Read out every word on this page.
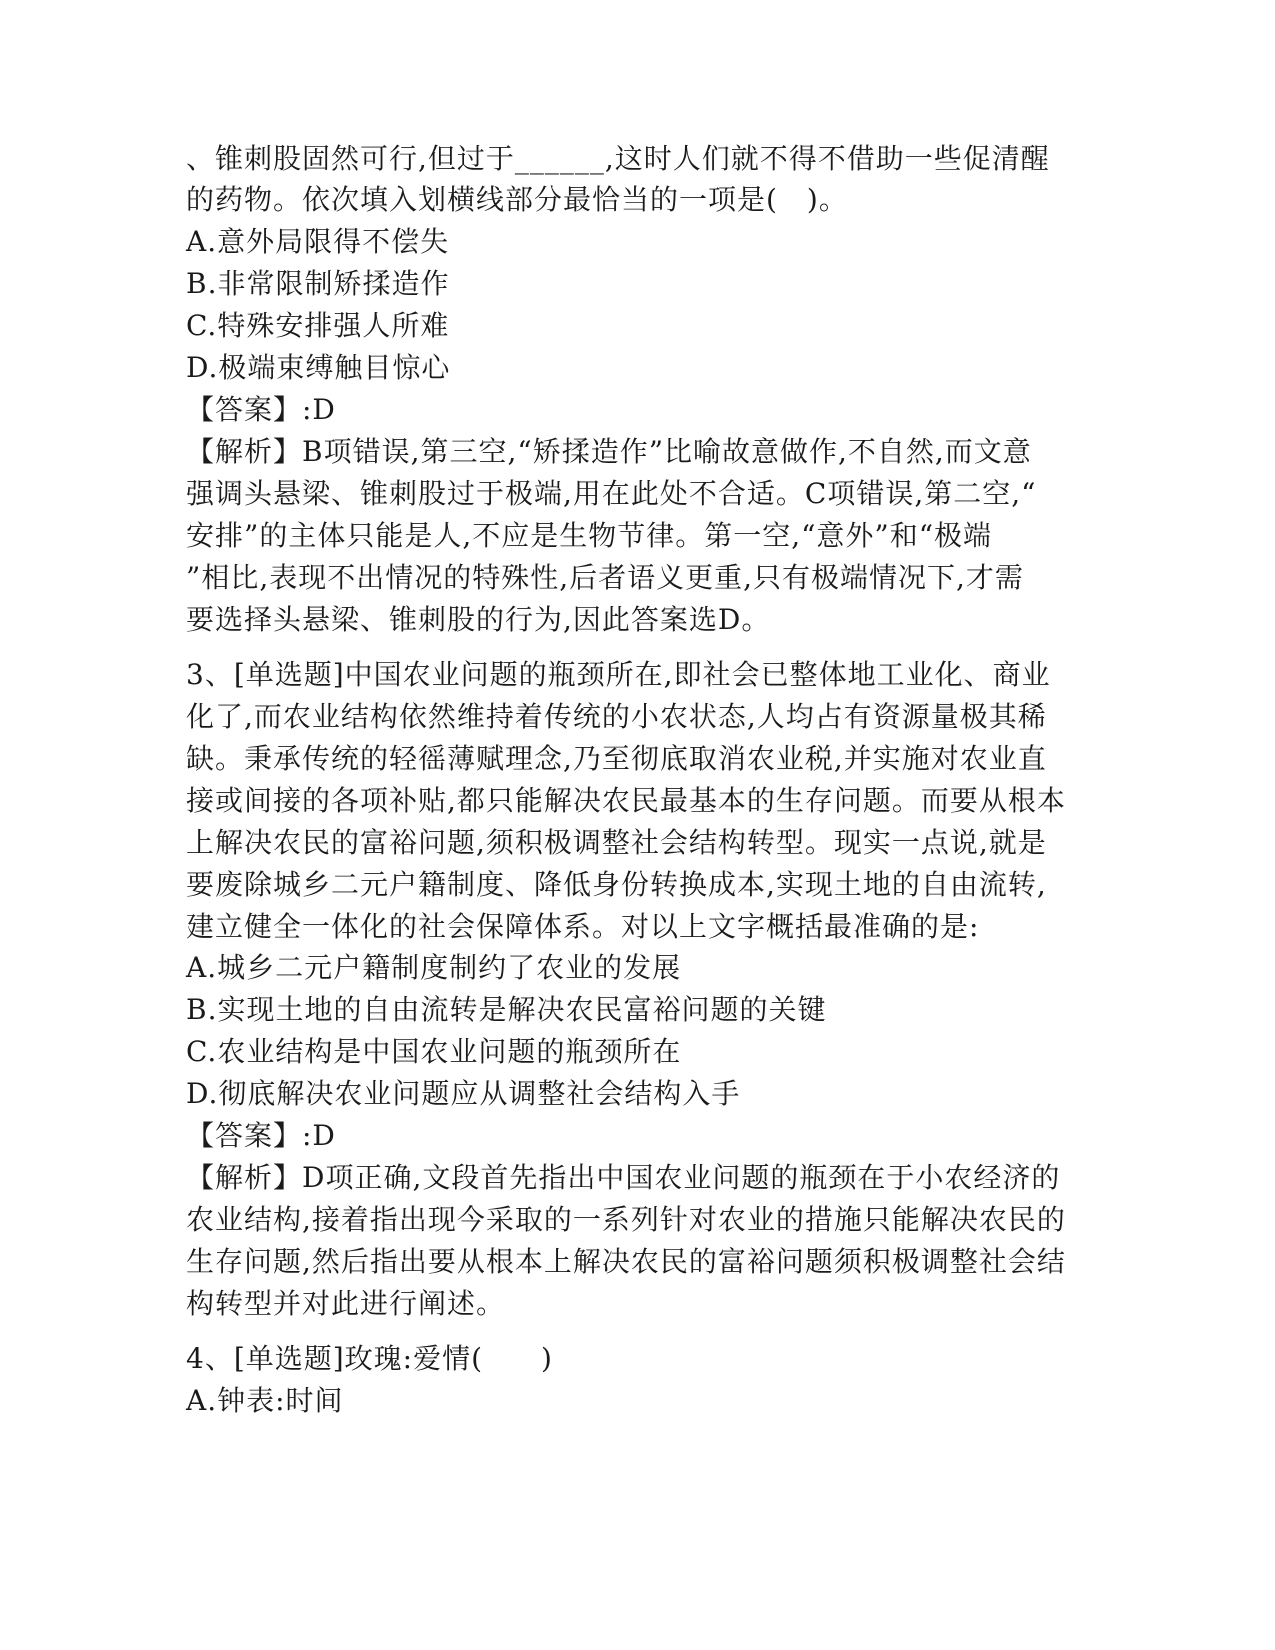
、锥刺股固然可行,但过于______,这时人们就不得不借助一些促清醒
的药物。依次填入划横线部分最恰当的一项是(　)。
A.意外局限得不偿失
B.非常限制矫揉造作
C.特殊安排强人所难
D.极端束缚触目惊心
【答案】:D
【解析】B项错误,第三空,“矫揉造作”比喻故意做作,不自然,而文意
强调头悬梁、锥刺股过于极端,用在此处不合适。C项错误,第二空,“
安排”的主体只能是人,不应是生物节律。第一空,“意外”和“极端
”相比,表现不出情况的特殊性,后者语义更重,只有极端情况下,才需
要选择头悬梁、锥刺股的行为,因此答案选D。
3、[单选题]中国农业问题的瓶颈所在,即社会已整体地工业化、商业
化了,而农业结构依然维持着传统的小农状态,人均占有资源量极其稀
缺。秉承传统的轻徭薄赋理念,乃至彻底取消农业税,并实施对农业直
接或间接的各项补贴,都只能解决农民最基本的生存问题。而要从根本
上解决农民的富裕问题,须积极调整社会结构转型。现实一点说,就是
要废除城乡二元户籍制度、降低身份转换成本,实现土地的自由流转,
建立健全一体化的社会保障体系。对以上文字概括最准确的是:
A.城乡二元户籍制度制约了农业的发展
B.实现土地的自由流转是解决农民富裕问题的关键
C.农业结构是中国农业问题的瓶颈所在
D.彻底解决农业问题应从调整社会结构入手
【答案】:D
【解析】D项正确,文段首先指出中国农业问题的瓶颈在于小农经济的
农业结构,接着指出现今采取的一系列针对农业的措施只能解决农民的
生存问题,然后指出要从根本上解决农民的富裕问题须积极调整社会结
构转型并对此进行阐述。
4、[单选题]玫瑰:爱情(　　)
A.钟表:时间
